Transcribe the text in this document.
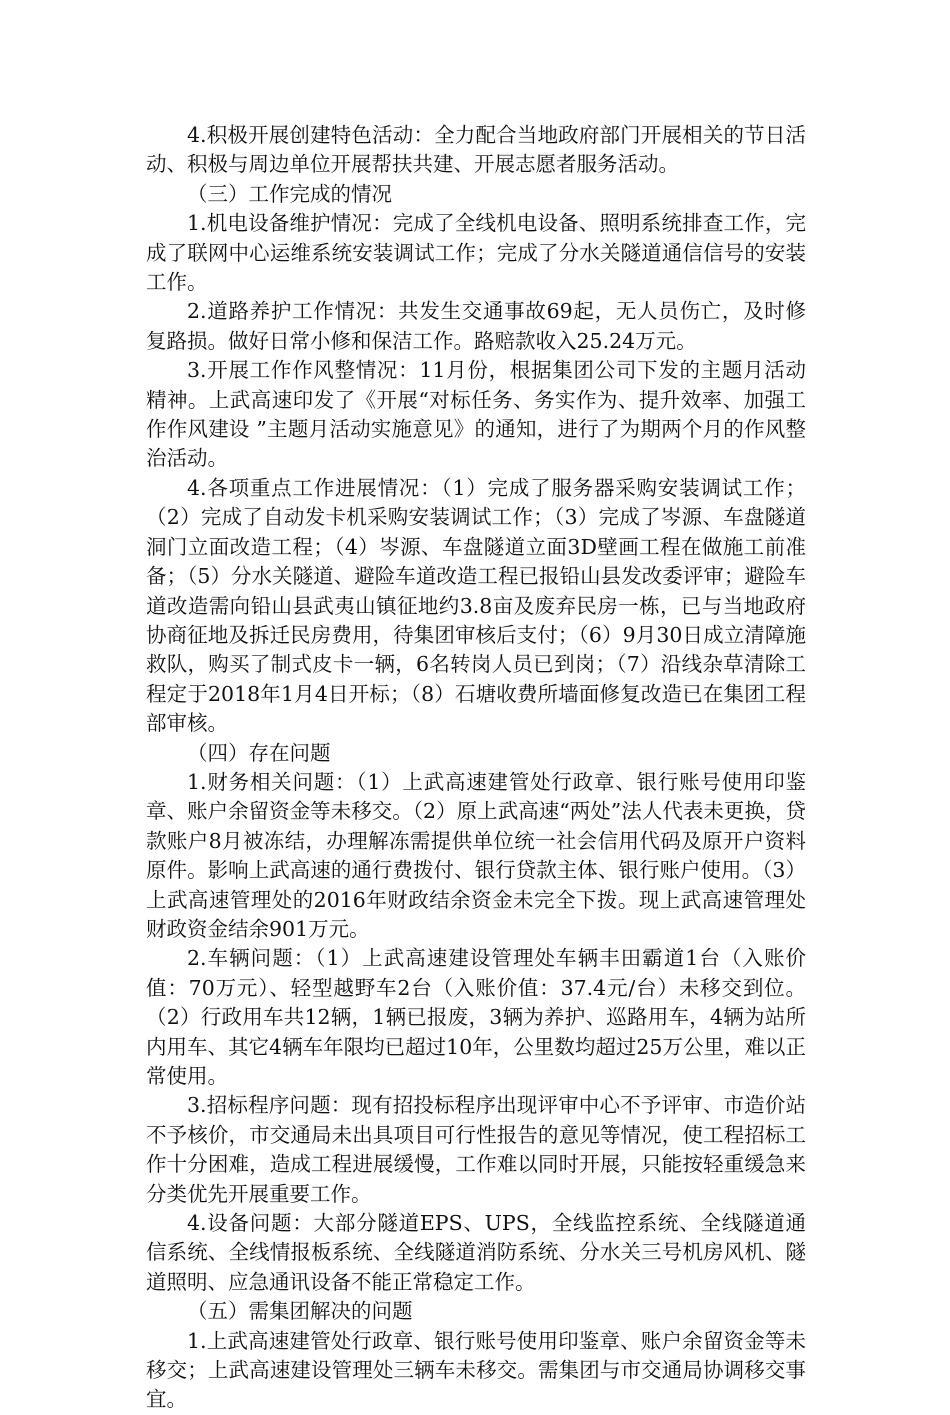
4.积极开展创建特色活动：全力配合当地政府部门开展相关的节日活动、积极与周边单位开展帮扶共建、开展志愿者服务活动。

（三）工作完成的情况

1.机电设备维护情况：完成了全线机电设备、照明系统排查工作，完成了联网中心运维系统安装调试工作；完成了分水关隧道通信信号的安装工作。

2.道路养护工作情况：共发生交通事故69起，无人员伤亡，及时修复路损。做好日常小修和保洁工作。路赔款收入25.24万元。

3.开展工作作风整情况：11月份，根据集团公司下发的主题月活动精神。上武高速印发了《开展“对标任务、务实作为、提升效率、加强工作作风建设 ”主题月活动实施意见》的通知，进行了为期两个月的作风整治活动。

4.各项重点工作进展情况：（1）完成了服务器采购安装调试工作；（2）完成了自动发卡机采购安装调试工作；（3）完成了岑源、车盘隧道洞门立面改造工程；（4）岑源、车盘隧道立面3D壁画工程在做施工前准备；（5）分水关隧道、避险车道改造工程已报铅山县发改委评审；避险车道改造需向铅山县武夷山镇征地约3.8亩及废弃民房一栋，已与当地政府协商征地及拆迁民房费用，待集团审核后支付；（6）9月30日成立清障施救队，购买了制式皮卡一辆，6名转岗人员已到岗；（7）沿线杂草清除工程定于2018年1月4日开标；（8）石塘收费所墙面修复改造已在集团工程部审核。

（四）存在问题

1.财务相关问题：（1）上武高速建管处行政章、银行账号使用印鉴章、账户余留资金等未移交。（2）原上武高速“两处”法人代表未更换，贷款账户8月被冻结，办理解冻需提供单位统一社会信用代码及原开户资料原件。影响上武高速的通行费拨付、银行贷款主体、银行账户使用。（3）上武高速管理处的2016年财政结余资金未完全下拨。现上武高速管理处财政资金结余901万元。

2.车辆问题：（1）上武高速建设管理处车辆丰田霸道1台（入账价值：70万元）、轻型越野车2台（入账价值：37.4元/台）未移交到位。（2）行政用车共12辆，1辆已报废，3辆为养护、巡路用车，4辆为站所内用车、其它4辆车年限均已超过10年，公里数均超过25万公里，难以正常使用。

3.招标程序问题：现有招投标程序出现评审中心不予评审、市造价站不予核价，市交通局未出具项目可行性报告的意见等情况，使工程招标工作十分困难，造成工程进展缓慢，工作难以同时开展，只能按轻重缓急来分类优先开展重要工作。

4.设备问题：大部分隧道EPS、UPS，全线监控系统、全线隧道通信系统、全线情报板系统、全线隧道消防系统、分水关三号机房风机、隧道照明、应急通讯设备不能正常稳定工作。

（五）需集团解决的问题

1.上武高速建管处行政章、银行账号使用印鉴章、账户余留资金等未移交；上武高速建设管理处三辆车未移交。需集团与市交通局协调移交事宜。
